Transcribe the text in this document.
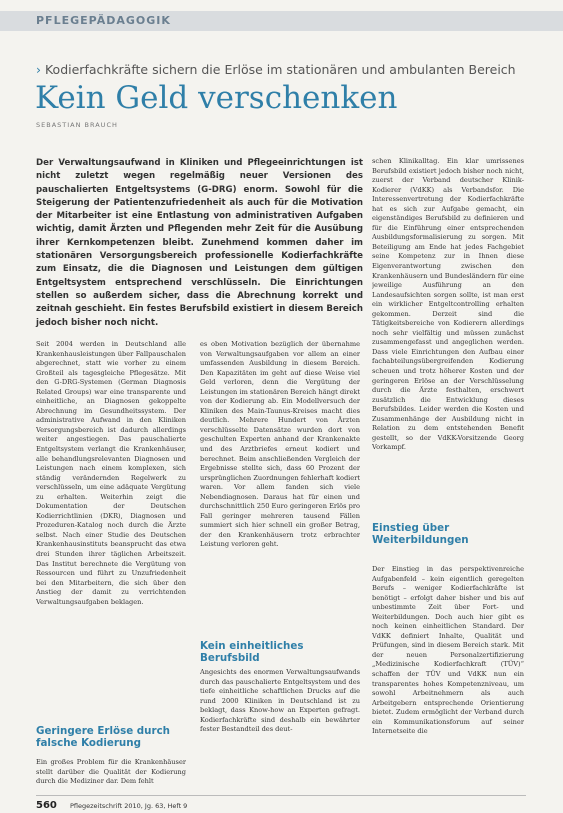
PFLEGEPÄDAGOGIK
› Kodierfachkräfte sichern die Erlöse im stationären und ambulanten Bereich
Kein Geld verschenken
SEBASTIAN BRAUCH
Der Verwaltungsaufwand in Kliniken und Pflegeeinrichtungen ist nicht zuletzt wegen regelmäßig neuer Versionen des pauschalierten Entgeltsystems (G-DRG) enorm. Sowohl für die Steigerung der Patientenzufriedenheit als auch für die Motivation der Mitarbeiter ist eine Entlastung von administrativen Aufgaben wichtig, damit Ärzten und Pflegenden mehr Zeit für die Ausübung ihrer Kernkompetenzen bleibt. Zunehmend kommen daher im stationären Versorgungsbereich professionelle Kodierfachkräfte zum Einsatz, die die Diagnosen und Leistungen dem gültigen Entgeltsystem entsprechend verschlüsseln. Die Einrichtungen stellen so außerdem sicher, dass die Abrechnung korrekt und zeitnah geschieht. Ein festes Berufsbild existiert in diesem Bereich jedoch bisher noch nicht.
Seit 2004 werden in Deutschland alle Krankenhausleistungen über Fallpauschalen abgerechnet, statt wie vorher zu einem Großteil als tagesgleiche Pflegesätze. Mit den G-DRG-Systemen (German Diagnosis Related Groups) war eine transparente und einheitliche, an Diagnosen gekoppelte Abrechnung im Gesundheitssystem. Der administrative Aufwand in den Kliniken Versorgungsbereich ist dadurch allerdings weiter angestiegen. Das pauschalierte Entgeltsystem verlangt die Krankenhäuser, alle behandlungsrelevanten Diagnosen und Leistungen nach einem komplexen, sich ständig verändernden Regelwerk zu verschlüsseln, um eine adäquate Vergütung zu erhalten. Weiterhin zeigt die Dokumentation der Deutschen Kodierrichtlinien (DKR), Diagnosen und Prozeduren-Katalog noch durch die Ärzte selbst. Nach einer Studie des Deutschen Krankenhausinstituts beansprucht das etwa drei Stunden ihrer täglichen Arbeitszeit. Das Institut berechnete die Vergütung von Ressourcen und führt zu Unzufriedenheit bei den Mitarbeitern, die sich über den Anstieg der damit zu verrichtenden Verwaltungsaufgaben beklagen.
Geringere Erlöse durch falsche Kodierung
Ein großes Problem für die Krankenhäuser stellt darüber die Qualität der Kodierung durch die Mediziner dar. Dem fehlt
es oben Motivation bezüglich der übernahme von Verwaltungsaufgaben vor allem an einer umfassenden Ausbildung in diesem Bereich. Den Kapazitäten im geht auf diese Weise viel Geld verloren, denn die Vergütung der Leistungen im stationären Bereich hängt direkt von der Kodierung ab. Ein Modellversuch der Kliniken des Main-Taunus-Kreises macht dies deutlich. Mehrere Hundert von Ärzten verschlüsselte Datensätze wurden dort von geschulten Experten anhand der Krankenakte und des Arztbriefes erneut kodiert und berechnet. Beim anschließenden Vergleich der Ergebnisse stellte sich, dass 60 Prozent der ursprünglichen Zuordnungen fehlerhaft kodiert waren. Vor allem fanden sich viele Nebendiagnosen. Daraus hat für einen und durchschnittlich 250 Euro geringeren Erlös pro Fall geringer mehreren tausend Fällen summiert sich hier schnell ein großer Betrag, der den Krankenhäusern trotz erbrachter Leistung verloren geht.
Kein einheitliches Berufsbild
Angesichts des enormen Verwaltungsaufwands durch das pauschalierte Entgeltsystem und des tiefe einheitliche schaftlichen Drucks auf die rund 2000 Kliniken in Deutschland ist zu beklagt, dass Know-how an Experten gefragt. Kodierfachkräfte sind deshalb ein bewährter fester Bestandteil des deut-
schen Klinikalltag. Ein klar umrissenes Berufsbild existiert jedoch bisher noch nicht, zuerst der Verband deutscher Klinik-Kodierer (VdKK) als Verbandsfor. Die Interessenvertretung der Kodierfachkräfte hat es sich zur Aufgabe gemacht, ein eigenständiges Berufsbild zu definieren und für die Einführung einer entsprechenden Ausbildungsformalisierung zu sorgen. Mit Beteiligung am Ende hat jedes Fachgebiet seine Kompetenz zur in Ihnen diese Eigenverantwortung zwischen den Krankenhäusern und Bundesländern für eine jeweilige Ausführung an den Landesaufsichten sorgen sollte, ist man erst ein wirklicher Entgeltcontrolling erhalten gekommen. Derzeit sind die Tätigkeitsbereiche von Kodierern allerdings noch sehr vielfältig und müssen zunächst zusammengefasst und angeglichen werden. Dass viele Einrichtungen den Aufbau einer fachabteilungsübergreifenden Kodierung scheuen und trotz höherer Kosten und der geringeren Erlöse an der Verschlüsselung durch die Ärzte festhalten, erschwert zusätzlich die Entwicklung dieses Berufsbildes. Leider werden die Kosten und Zusammenhänge der Ausbildung nicht in Relation zu dem entstehenden Benefit gestellt, so der VdKK-Vorsitzende Georg Vorkampf.
Einstieg über Weiterbildungen
Der Einstieg in das perspektivenreiche Aufgabenfeld – kein eigentlich geregelten Berufs – weniger Kodierfachkräfte ist benötigt – erfolgt daher bisher und bis auf unbestimmte Zeit über Fort- und Weiterbildungen. Doch auch hier gibt es noch keinen einheitlichen Standard. Der VdKK definiert Inhalte, Qualität und Prüfungen, sind in diesem Bereich stark. Mit der neuen Personalzertifizierung „Medizinische Kodierfachkraft (TÜV)“ schaffen der TÜV und VdKK nun ein transparentes hohes Kompetenzniveau, um sowohl Arbeitnehmern als auch Arbeitgebern entsprechende Orientierung bietet. Zudem ermöglicht der Verband durch ein Kommunikationsforum auf seiner Internetseite die
560 Pflegezeitschrift 2010, Jg. 63, Heft 9
